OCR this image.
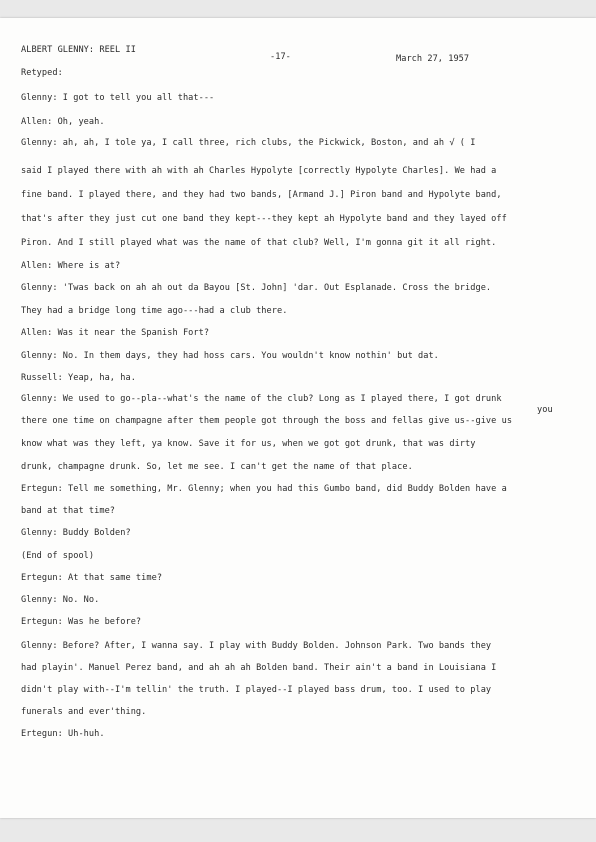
ALBERT GLENNY: REEL II
-17-	March 27, 1957
Retyped:
Glenny: I got to tell you all that---
Allen: Oh, yeah.
Glenny: ah, ah, I tole ya, I call three, rich clubs, the Pickwick, Boston, and ah √ ( I
said I played there with ah with ah Charles Hypolyte [correctly Hypolyte Charles]. We had a
fine band. I played there, and they had two bands, [Armand J.] Piron band and Hypolyte band,
that's after they just cut one band they kept---they kept ah Hypolyte band and they layed off
Piron. And I still played what was the name of that club? Well, I'm gonna git it all right.
Allen: Where is at?
Glenny: 'Twas back on ah ah out da Bayou [St. John] 'dar. Out Esplanade. Cross the bridge.
They had a bridge long time ago---had a club there.
Allen: Was it near the Spanish Fort?
Glenny: No. In them days, they had hoss cars. You wouldn't know nothin' but dat.
Russell: Yeap, ha, ha.
Glenny: We used to go--pla--what's the name of the club? Long as I played there, I got drunk
you
there one time on champagne after them people got through the boss and fellas give us--give us
know what was they left, ya know. Save it for us, when we got got drunk, that was dirty
drunk, champagne drunk. So, let me see. I can't get the name of that place.
Ertegun: Tell me something, Mr. Glenny; when you had this Gumbo band, did Buddy Bolden have a
band at that time?
Glenny: Buddy Bolden?
(End of spool)
Ertegun: At that same time?
Glenny: No. No.
Ertegun: Was he before?
Glenny: Before? After, I wanna say. I play with Buddy Bolden. Johnson Park. Two bands they
had playin'. Manuel Perez band, and ah ah ah Bolden band. Their ain't a band in Louisiana I
didn't play with--I'm tellin' the truth. I played--I played bass drum, too. I used to play
funerals and ever'thing.
Ertegun: Uh-huh.
